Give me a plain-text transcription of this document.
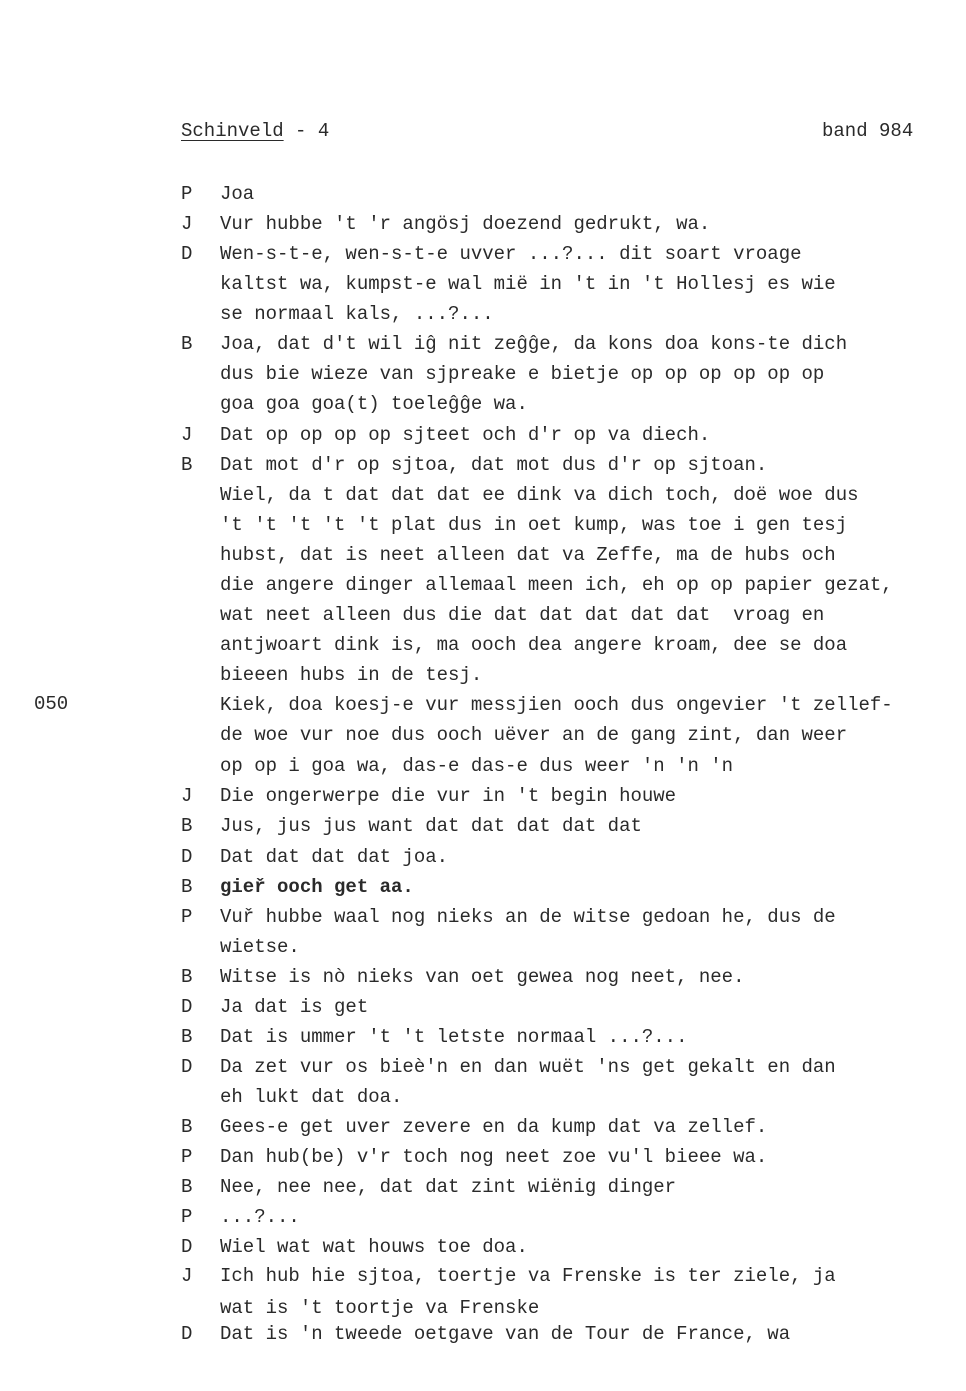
Schinveld - 4	band 984
050
P
J
D
B
J
B
J
B
D
B
P
B
D
B
D
B
P
B
P
D
J
D
Joa
Vur hubbe 't 'r angösj doezend gedrukt, wa.
Wen-s-t-e, wen-s-t-e uvver ...?... dit soart vroage
kaltst wa, kumpst-e wal mië in 't in 't Hollesj es wie
se normaal kals, ...?...
Joa, dat d't wil iĝ nit zeĝĝe, da kons doa kons-te dich
dus bie wieze van sjpreake e bietje op op op op op op
goa goa goa(t) toeleĝĝe wa.
Dat op op op op sjteet och d'r op va diech.
Dat mot d'r op sjtoa, dat mot dus d'r op sjtoan.
Wiel, da t dat dat dat ee dink va dich toch, doë woe dus
't 't 't 't 't plat dus in oet kump, was toe i gen tesj
hubst, dat is neet alleen dat va Zeffe, ma de hubs och
die angere dinger allemaal meen ich, eh op op papier gezat,
wat neet alleen dus die dat dat dat dat dat  vroag en
antjwoart dink is, ma ooch dea angere kroam, dee se doa
bieeen hubs in de tesj.
Kiek, doa koesj-e vur messjien ooch dus ongevier 't zellef-
de woe vur noe dus ooch uëver an de gang zint, dan weer
op op i goa wa, das-e das-e dus weer 'n 'n 'n
Die ongerwerpe die vur in 't begin houwe
Jus, jus jus want dat dat dat dat dat
Dat dat dat dat joa.
gieř ooch get aa.
Vuř hubbe waal nog nieks an de witse gedoan he, dus de
wietse.
Witse is nò nieks van oet gewea nog neet, nee.
Ja dat is get
Dat is ummer 't 't letste normaal ...?...
Da zet vur os bieè'n en dan wuët 'ns get gekalt en dan
eh lukt dat doa.
Gees-e get uver zevere en da kump dat va zellef.
Dan hub(be) v'r toch nog neet zoe vu'l bieee wa.
Nee, nee nee, dat dat zint wiënig dinger
...?...
Wiel wat wat houws toe doa.
Ich hub hie sjtoa, toertje va Frenske is ter ziele, ja
wat is 't toortje va Frenske
Dat is 'n tweede oetgave van de Tour de France, wa
